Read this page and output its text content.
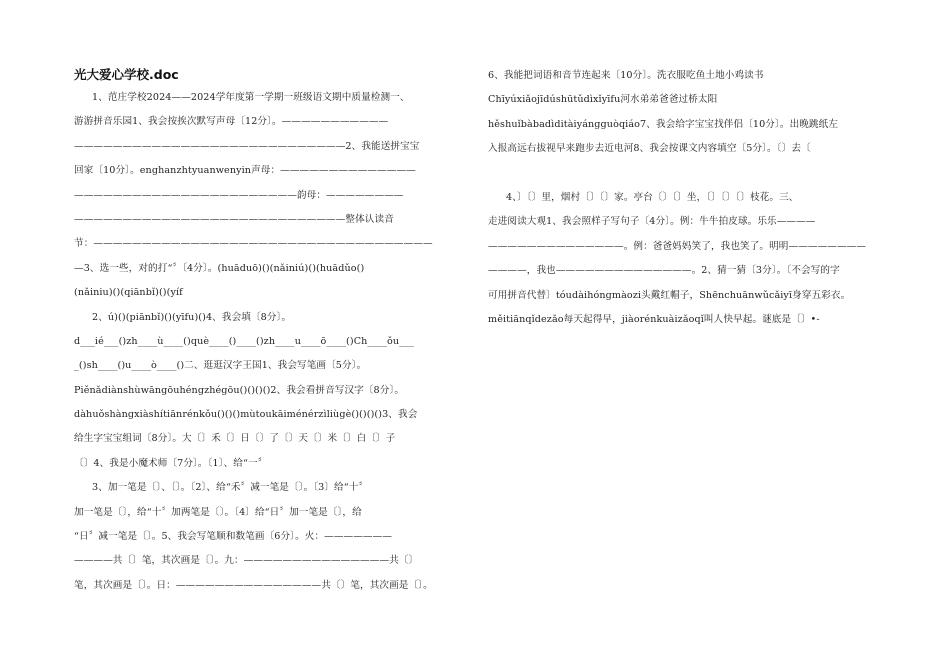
光大爱心学校.doc
1、范庄学校2024——2024学年度第一学期一班级语文期中质量检测一、
游游拼音乐园1、我会按挨次默写声母〔12分〕。———————————
————————————————————————————2、我能送拼宝宝
回家〔10分〕。enghanzhtyuanwenyin声母：——————————————
———————————————————————韵母：————————
————————————————————————————整体认读音
节：———————————————————————————————————
—3、选一些，对的打“〞〔4分〕。(huāduō)()(nǎiniú)()(huādǔo()
(nǎiniu)()(qiānbǐ)()(yíf
2、ú)()(piānbǐ)()(yīfu)()4、我会填〔8分〕。
d___ié___()zh____ù____()què____()____()zh____u____ō____()Ch____ǒu___
_()sh____()u____ò____()二、逛逛汉字王国1、我会写笔画〔5分〕。
Piěnǎdiànshùwāngōuhéngzhégōu()()()()2、我会看拼音写汉字〔8分〕。
dàhuǒshàngxiàshítiānrénkǒu()()()mùtoukāiménérzìliùgè()()()()3、我会
给生字宝宝组词〔8分〕。大〔〕禾〔〕日〔〕了〔〕天〔〕米〔〕白〔〕子
〔〕4、我是小魔术师〔7分〕。〔1〕、给“一〞
3、加一笔是〔〕、〔〕。〔2〕、给“禾〞减一笔是〔〕。〔3〕给“十〞
加一笔是〔〕，给“十〞加两笔是〔〕。〔4〕给“日〞加一笔是〔〕，给
“日〞减一笔是〔〕。5、我会写笔顺和数笔画〔6分〕。火：———————
————共〔〕笔，其次画是〔〕。九：———————————————共〔〕
笔，其次画是〔〕。日：———————————————共〔〕笔，其次画是〔〕。
6、我能把词语和音节连起来〔10分〕。洗衣服吃鱼土地小鸡读书
Chīyúxiǎojīdúshūtǔdìxǐyīfu河水弟弟爸爸过桥太阳
hěshuǐbàbadìditàiyángguòqiáo7、我会给字宝宝找伴侣〔10分〕。出晚跳纸左
入报高远右拔视早来跑步去近电河8、我会按课文内容填空〔5分〕。〔〕去〔
4、〕〔〕里，烟村〔〕〔〕家。亭台〔〕〔〕坐，〔〕〔〕〔〕枝花。三、
走进阅读大观1、我会照样子写句子〔4分〕。例：牛牛拍皮球。乐乐————
——————————————。例：爸爸妈妈笑了，我也笑了。明明————————
————，我也——————————————。2、猜一猜〔3分〕。〔不会写的字
可用拼音代替〕tóudàihóngmàozi头戴红帽子，Shēnchuānwǔcǎiyī身穿五彩衣。
měitiānqǐdezǎo每天起得早，jiàorénkuàizǎoqǐ叫人快早起。谜底是〔〕•-
